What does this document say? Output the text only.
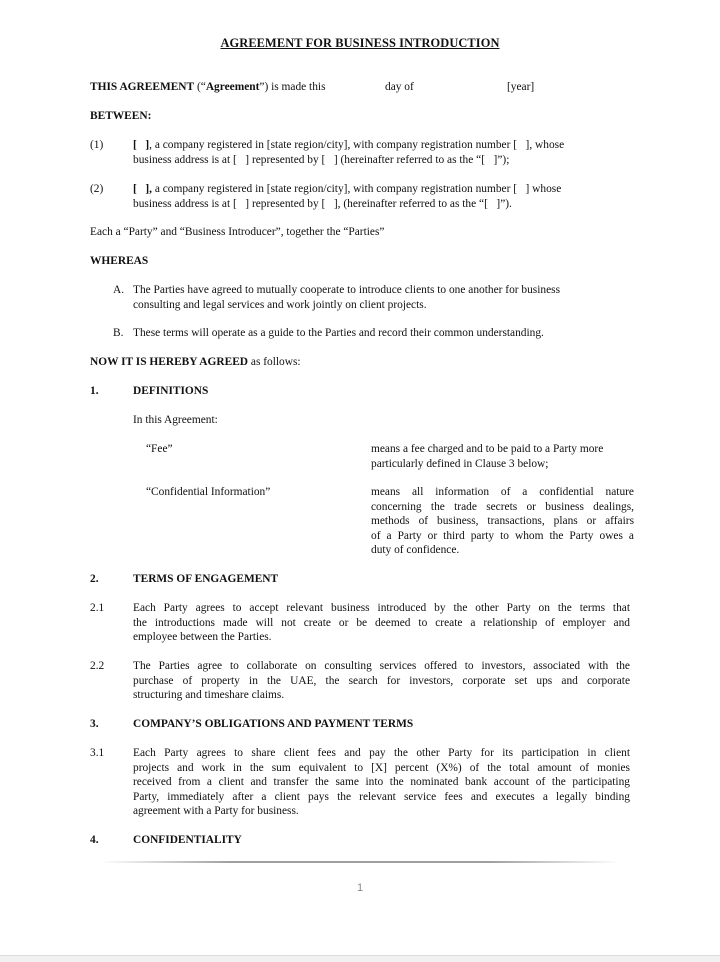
AGREEMENT FOR BUSINESS INTRODUCTION
THIS AGREEMENT (“Agreement”) is made this	day of	[year]
BETWEEN:
(1)	[   ], a company registered in [state region/city], with company registration number [   ], whose
business address is at [   ] represented by [   ] (hereinafter referred to as the “[   ]”);
(2)	[   ], a company registered in [state region/city], with company registration number [   ] whose
business address is at [   ] represented by [   ], (hereinafter referred to as the “[   ]”).
Each a “Party” and “Business Introducer”, together the “Parties”
WHEREAS
A. The Parties have agreed to mutually cooperate to introduce clients to one another for business
consulting and legal services and work jointly on client projects.
B. These terms will operate as a guide to the Parties and record their common understanding.
NOW IT IS HEREBY AGREED as follows:
1.	DEFINITIONS
In this Agreement:
“Fee”	means a fee charged and to be paid to a Party more
particularly defined in Clause 3 below;
“Confidential Information”	means all information of a confidential nature
concerning the trade secrets or business dealings,
methods of business, transactions, plans or affairs
of a Party or third party to whom the Party owes a
duty of confidence.
2.	TERMS OF ENGAGEMENT
2.1	Each Party agrees to accept relevant business introduced by the other Party on the terms that
the introductions made will not create or be deemed to create a relationship of employer and
employee between the Parties.
2.2	The Parties agree to collaborate on consulting services offered to investors, associated with the
purchase of property in the UAE, the search for investors, corporate set ups and corporate
structuring and timeshare claims.
3.	COMPANY’S OBLIGATIONS AND PAYMENT TERMS
3.1	Each Party agrees to share client fees and pay the other Party for its participation in client
projects and work in the sum equivalent to [X] percent (X%) of the total amount of monies
received from a client and transfer the same into the nominated bank account of the participating
Party, immediately after a client pays the relevant service fees and executes a legally binding
agreement with a Party for business.
4.	CONFIDENTIALITY
1
